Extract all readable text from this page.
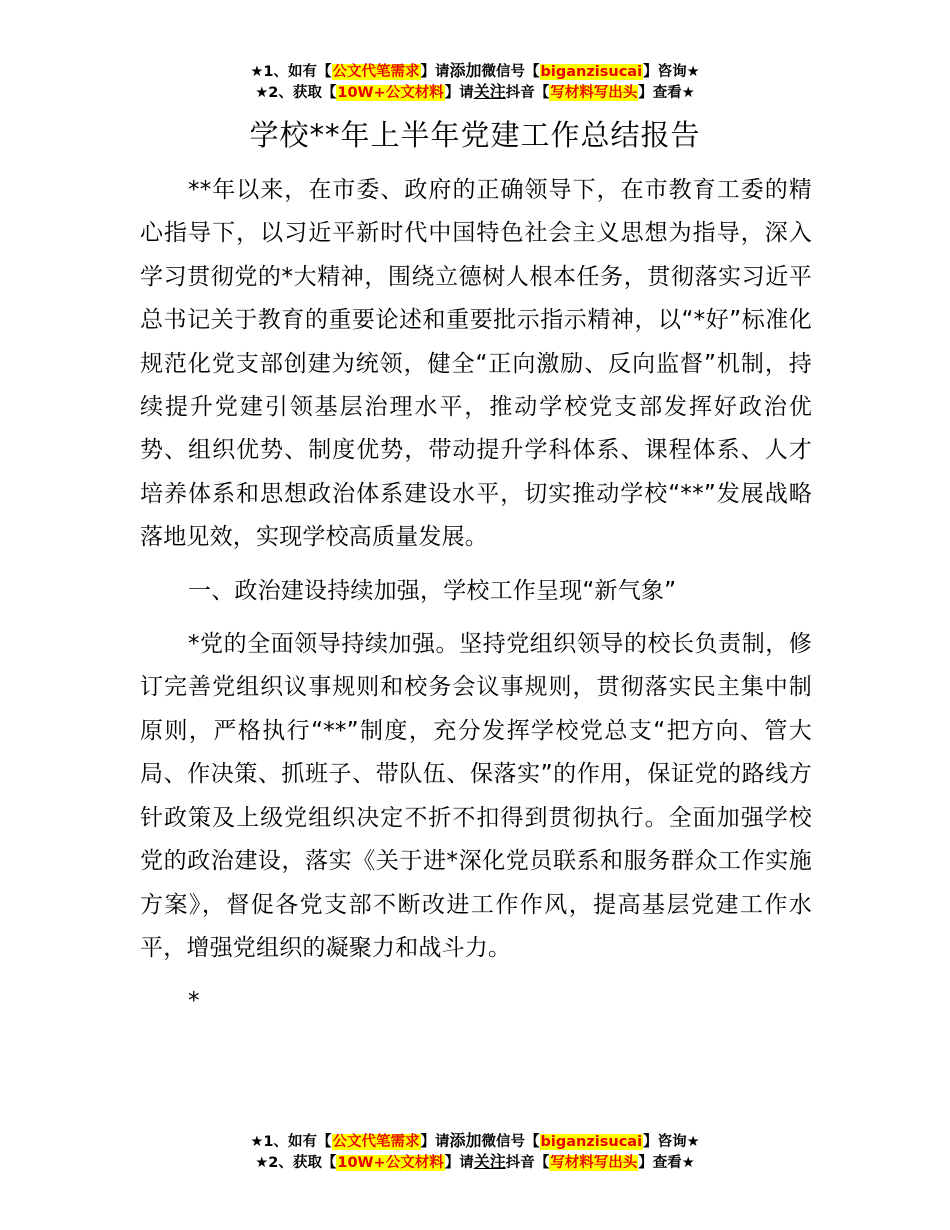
★1、如有【公文代笔需求】请添加微信号【biganzisucai】咨询★
★2、获取【10W+公文材料】请关注抖音【写材料写出头】查看★
学校**年上半年党建工作总结报告

**年以来，在市委、政府的正确领导下，在市教育工委的精心指导下，以习近平新时代中国特色社会主义思想为指导，深入学习贯彻党的*大精神，围绕立德树人根本任务，贯彻落实习近平总书记关于教育的重要论述和重要批示指示精神，以“*好”标准化规范化党支部创建为统领，健全“正向激励、反向监督”机制，持续提升党建引领基层治理水平，推动学校党支部发挥好政治优势、组织优势、制度优势，带动提升学科体系、课程体系、人才培养体系和思想政治体系建设水平，切实推动学校“**”发展战略落地见效，实现学校高质量发展。

一、政治建设持续加强，学校工作呈现“新气象”

*党的全面领导持续加强。坚持党组织领导的校长负责制，修订完善党组织议事规则和校务会议事规则，贯彻落实民主集中制原则，严格执行“**”制度，充分发挥学校党总支“把方向、管大局、作决策、抓班子、带队伍、保落实”的作用，保证党的路线方针政策及上级党组织决定不折不扣得到贯彻执行。全面加强学校党的政治建设，落实《关于进*深化党员联系和服务群众工作实施方案》，督促各党支部不断改进工作作风，提高基层党建工作水平，增强党组织的凝聚力和战斗力。

*

★1、如有【公文代笔需求】请添加微信号【biganzisucai】咨询★
★2、获取【10W+公文材料】请关注抖音【写材料写出头】查看★
